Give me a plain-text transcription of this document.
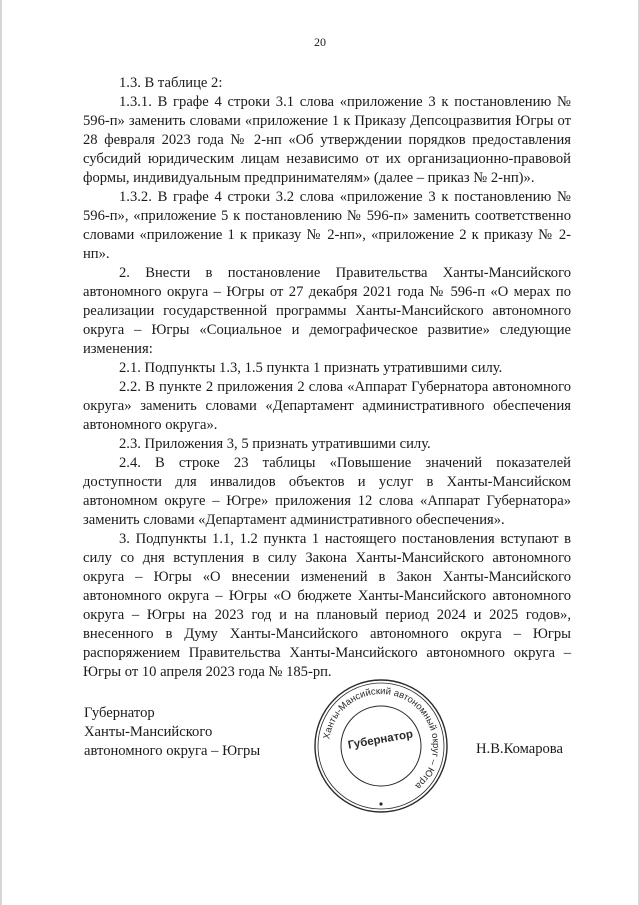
20

1.3. В таблице 2:

1.3.1. В графе 4 строки 3.1 слова «приложение 3 к постановлению № 596-п» заменить словами «приложение 1 к Приказу Депсоцразвития Югры от 28 февраля 2023 года № 2-нп «Об утверждении порядков предоставления субсидий юридическим лицам независимо от их организационно-правовой формы, индивидуальным предпринимателям» (далее – приказ № 2-нп)».

1.3.2. В графе 4 строки 3.2 слова «приложение 3 к постановлению № 596-п», «приложение 5 к постановлению № 596-п» заменить соответственно словами «приложение 1 к приказу № 2-нп», «приложение 2 к приказу № 2-нп».

2. Внести в постановление Правительства Ханты-Мансийского автономного округа – Югры от 27 декабря 2021 года № 596-п «О мерах по реализации государственной программы Ханты-Мансийского автономного округа – Югры «Социальное и демографическое развитие» следующие изменения:

2.1. Подпункты 1.3, 1.5 пункта 1 признать утратившими силу.

2.2. В пункте 2 приложения 2 слова «Аппарат Губернатора автономного округа» заменить словами «Департамент административного обеспечения автономного округа».

2.3. Приложения 3, 5 признать утратившими силу.

2.4. В строке 23 таблицы «Повышение значений показателей доступности для инвалидов объектов и услуг в Ханты-Мансийском автономном округе – Югре» приложения 12 слова «Аппарат Губернатора» заменить словами «Департамент административного обеспечения».

3. Подпункты 1.1, 1.2 пункта 1 настоящего постановления вступают в силу со дня вступления в силу Закона Ханты-Мансийского автономного округа – Югры «О внесении изменений в Закон Ханты-Мансийского автономного округа – Югры «О бюджете Ханты-Мансийского автономного округа – Югры на 2023 год и на плановый период 2024 и 2025 годов», внесенного в Думу Ханты-Мансийского автономного округа – Югры распоряжением Правительства Ханты-Мансийского автономного округа – Югры от 10 апреля 2023 года № 185-рп.

Губернатор
Ханты-Мансийского
автономного округа – Югры
Ханты-Мансийский автономный округ – Югра
Губернатор	Н.В.Комарова
